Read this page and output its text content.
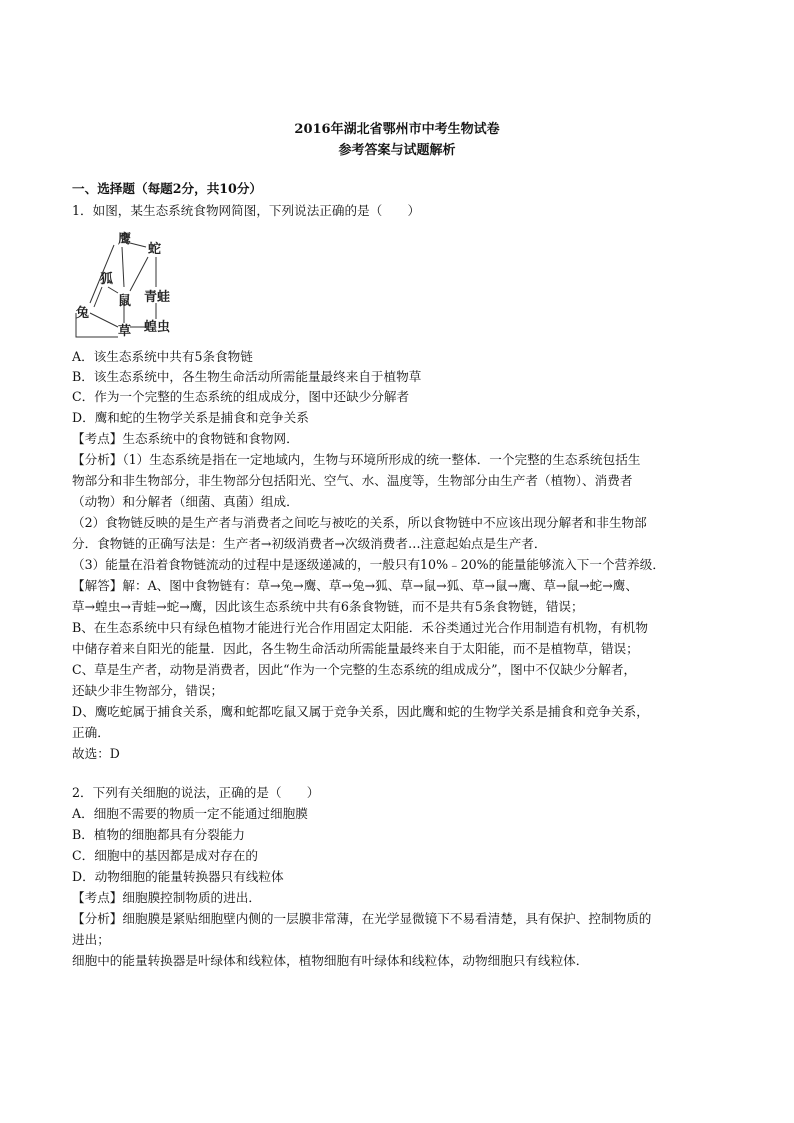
2016年湖北省鄂州市中考生物试卷
参考答案与试题解析
一、选择题（每题2分，共10分）
1．如图，某生态系统食物网简图，下列说法正确的是（　　）
鹰
蛇
兔
狐
鼠 青蛙
草 蝗虫
A．该生态系统中共有5条食物链
B．该生态系统中，各生物生命活动所需能量最终来自于植物草
C．作为一个完整的生态系统的组成成分，图中还缺少分解者
D．鹰和蛇的生物学关系是捕食和竞争关系
【考点】生态系统中的食物链和食物网．
【分析】（1）生态系统是指在一定地域内，生物与环境所形成的统一整体．一个完整的生态系统包括生
物部分和非生物部分，非生物部分包括阳光、空气、水、温度等，生物部分由生产者（植物）、消费者
（动物）和分解者（细菌、真菌）组成．
（2）食物链反映的是生产者与消费者之间吃与被吃的关系，所以食物链中不应该出现分解者和非生物部
分．食物链的正确写法是：生产者→初级消费者→次级消费者…注意起始点是生产者．
（3）能量在沿着食物链流动的过程中是逐级递减的，一般只有10%﹣20%的能量能够流入下一个营养级．
【解答】解：A、图中食物链有：草→兔→鹰、草→兔→狐、草→鼠→狐、草→鼠→鹰、草→鼠→蛇→鹰、
草→蝗虫→青蛙→蛇→鹰，因此该生态系统中共有6条食物链，而不是共有5条食物链，错误；
B、在生态系统中只有绿色植物才能进行光合作用固定太阳能．禾谷类通过光合作用制造有机物，有机物
中储存着来自阳光的能量．因此，各生物生命活动所需能量最终来自于太阳能，而不是植物草，错误；
C、草是生产者，动物是消费者，因此“作为一个完整的生态系统的组成成分”，图中不仅缺少分解者，
还缺少非生物部分，错误；
D、鹰吃蛇属于捕食关系，鹰和蛇都吃鼠又属于竞争关系，因此鹰和蛇的生物学关系是捕食和竞争关系，
正确．
故选：D
2．下列有关细胞的说法，正确的是（　　）
A．细胞不需要的物质一定不能通过细胞膜
B．植物的细胞都具有分裂能力
C．细胞中的基因都是成对存在的
D．动物细胞的能量转换器只有线粒体
【考点】细胞膜控制物质的进出．
【分析】细胞膜是紧贴细胞壁内侧的一层膜非常薄，在光学显微镜下不易看清楚，具有保护、控制物质的
进出；
细胞中的能量转换器是叶绿体和线粒体，植物细胞有叶绿体和线粒体，动物细胞只有线粒体．
